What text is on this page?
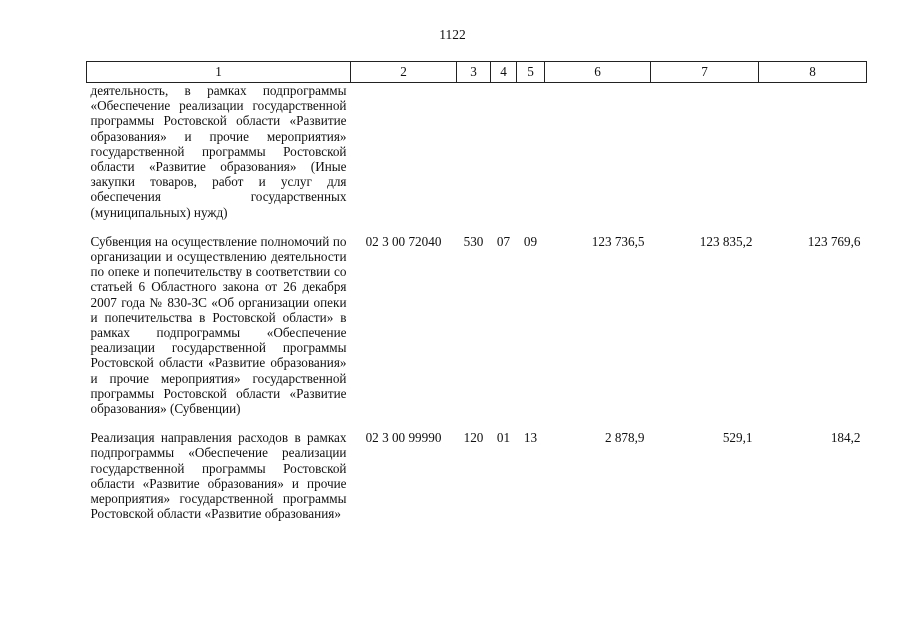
1122
1	2	3	4	5	6	7	8
деятельность, в рамках подпрограммы «Обеспечение реализации государственной программы Ростовской области «Развитие образования» и прочие мероприятия» государственной программы Ростовской области «Развитие образования» (Иные закупки товаров, работ и услуг для обеспечения государственных (муниципальных) нужд)							
Субвенция на осуществление полномочий по организации и осуществлению деятельности по опеке и попечительству в соответствии со статьей 6 Областного закона от 26 декабря 2007 года № 830-ЗС «Об организации опеки и попечительства в Ростовской области» в рамках подпрограммы «Обеспечение реализации государственной программы Ростовской области «Развитие образования» и прочие мероприятия» государственной программы Ростовской области «Развитие образования» (Субвенции)	02 3 00 72040	530	07	09	123 736,5	123 835,2	123 769,6
Реализация направления расходов в рамках подпрограммы «Обеспечение реализации государственной программы Ростовской области «Развитие образования» и прочие мероприятия» государственной программы Ростовской области «Развитие образования»	02 3 00 99990	120	01	13	2 878,9	529,1	184,2
